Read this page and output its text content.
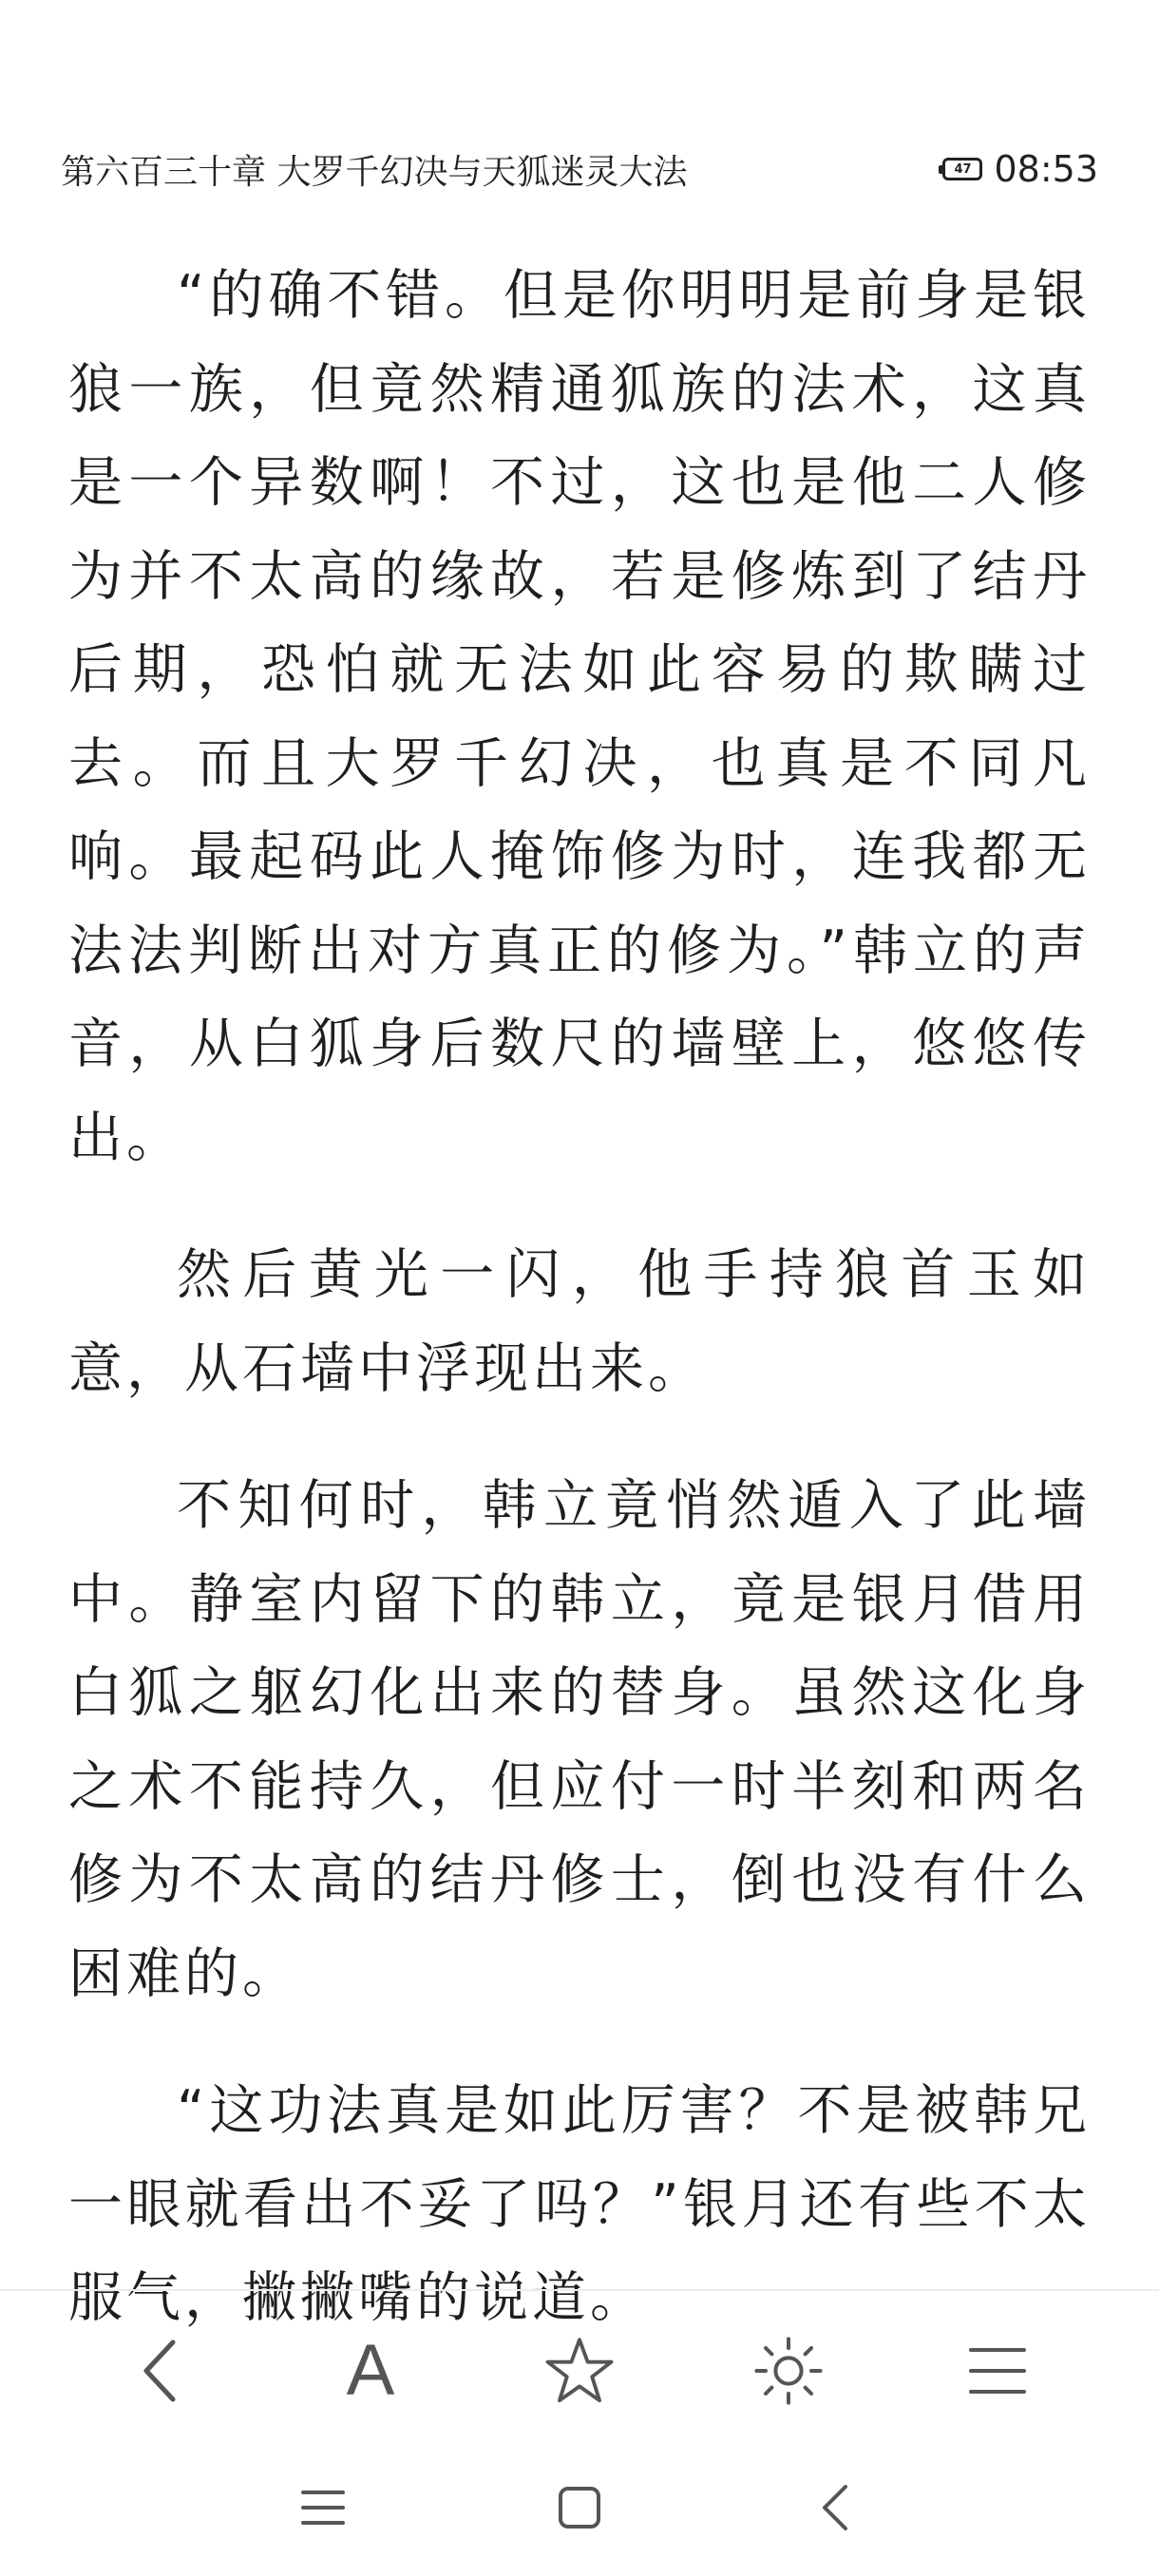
第六百三十章 大罗千幻决与天狐迷灵大法	47 08:53

“的确不错。但是你明明是前身是银狼一族，但竟然精通狐族的法术，这真是一个异数啊！不过，这也是他二人修为并不太高的缘故，若是修炼到了结丹后期，恐怕就无法如此容易的欺瞒过去。而且大罗千幻决，也真是不同凡响。最起码此人掩饰修为时，连我都无法法判断出对方真正的修为。”韩立的声音，从白狐身后数尺的墙壁上，悠悠传出。

然后黄光一闪，他手持狼首玉如意，从石墙中浮现出来。

不知何时，韩立竟悄然遁入了此墙中。静室内留下的韩立，竟是银月借用白狐之躯幻化出来的替身。虽然这化身之术不能持久，但应付一时半刻和两名修为不太高的结丹修士，倒也没有什么困难的。

“这功法真是如此厉害？不是被韩兄一眼就看出不妥了吗？”银月还有些不太服气，撇撇嘴的说道。

A
